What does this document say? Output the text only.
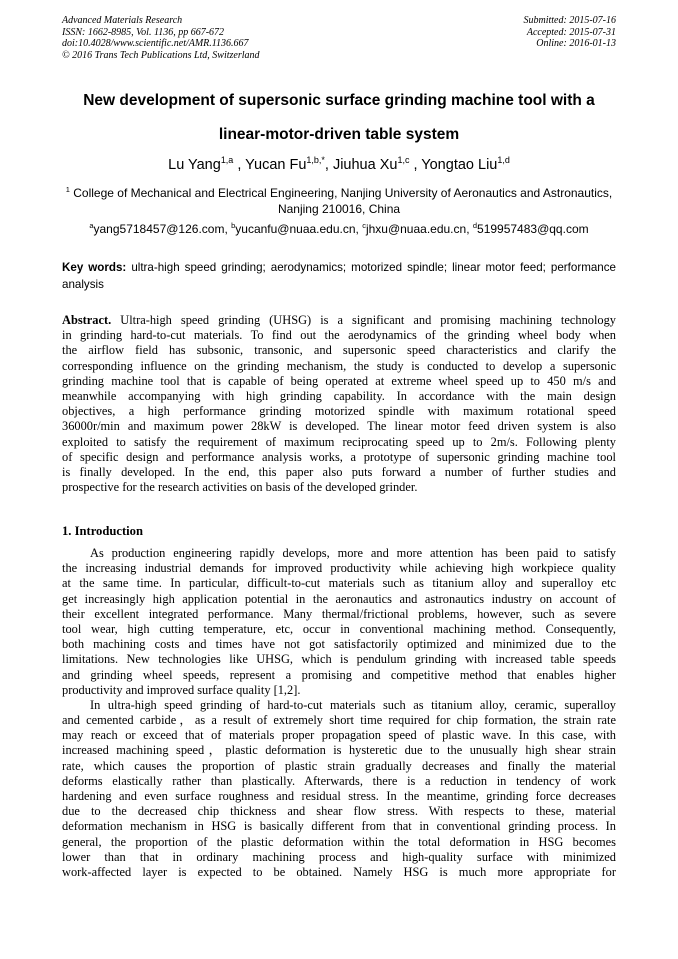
Advanced Materials Research
ISSN: 1662-8985, Vol. 1136, pp 667-672
doi:10.4028/www.scientific.net/AMR.1136.667
© 2016 Trans Tech Publications Ltd, Switzerland
Submitted: 2015-07-16
Accepted: 2015-07-31
Online: 2016-01-13
New development of supersonic surface grinding machine tool with a
linear-motor-driven table system
Lu Yang$^{1,a}$ , Yucan $Fu^{1,b,*}$, Jiuhua Xu$^{1,c}$ , Yongtao Liu$^{1,d}$
$^1$ College of Mechanical and Electrical Engineering, Nanjing University of Aeronautics and Astronautics, Nanjing 210016, China
$^a$yang5718457@126.com, $^b$yucanfu@nuaa.edu.cn, $^c$jhxu@nuaa.edu.cn, $^d$519957483@qq.com
Key words: ultra-high speed grinding; aerodynamics; motorized spindle; linear motor feed; performance analysis
Abstract. Ultra-high speed grinding (UHSG) is a significant and promising machining technology
in grinding hard-to-cut materials. To find out the aerodynamics of the grinding wheel body when
the airflow field has subsonic, transonic, and supersonic speed characteristics and clarify the
corresponding influence on the grinding mechanism, the study is conducted to develop a supersonic
grinding machine tool that is capable of being operated at extreme wheel speed up to 450 m/s and
meanwhile accompanying with high grinding capability. In accordance with the main design
objectives, a high performance grinding motorized spindle with maximum rotational speed
36000r/min and maximum power 28kW is developed. The linear motor feed driven system is also
exploited to satisfy the requirement of maximum reciprocating speed up to 2m/s. Following plenty
of specific design and performance analysis works, a prototype of supersonic grinding machine tool
is finally developed. In the end, this paper also puts forward a number of further studies and
prospective for the research activities on basis of the developed grinder.
1. Introduction
As production engineering rapidly develops, more and more attention has been paid to satisfy
the increasing industrial demands for improved productivity while achieving high workpiece quality
at the same time. In particular, difficult-to-cut materials such as titanium alloy and superalloy etc
get increasingly high application potential in the aeronautics and astronautics industry on account of
their excellent integrated performance. Many thermal/frictional problems, however, such as severe
tool wear, high cutting temperature, etc, occur in conventional machining method. Consequently,
both machining costs and times have not got satisfactorily optimized and minimized due to the
limitations. New technologies like UHSG, which is pendulum grinding with increased table speeds
and grinding wheel speeds, represent a promising and competitive method that enables higher
productivity and improved surface quality [1,2].
In ultra-high speed grinding of hard-to-cut materials such as titanium alloy, ceramic, superalloy
and cemented carbide，as a result of extremely short time required for chip formation, the strain rate
may reach or exceed that of materials proper propagation speed of plastic wave. In this case, with
increased machining speed，plastic deformation is hysteretic due to the unusually high shear strain
rate, which causes the proportion of plastic strain gradually decreases and finally the material
deforms elastically rather than plastically. Afterwards, there is a reduction in tendency of work
hardening and even surface roughness and residual stress. In the meantime, grinding force decreases
due to the decreased chip thickness and shear flow stress. With respects to these, material
deformation mechanism in HSG is basically different from that in conventional grinding process. In
general, the proportion of the plastic deformation within the total deformation in HSG becomes
lower than that in ordinary machining process and high-quality surface with minimized
work-affected layer is expected to be obtained. Namely HSG is much more appropriate for
